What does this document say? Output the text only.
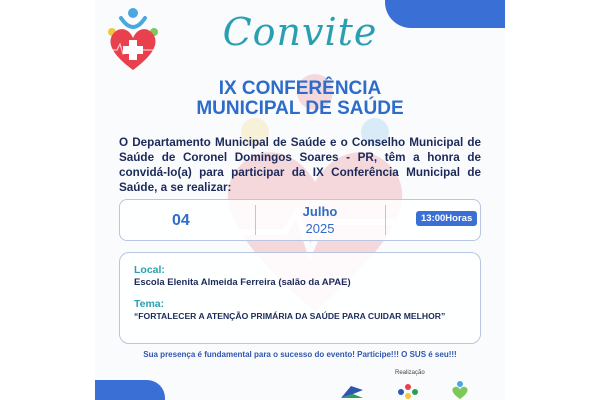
Convite
IX CONFERÊNCIA
MUNICIPAL DE SAÚDE
O Departamento Municipal de Saúde e o Conselho Municipal de Saúde de Coronel Domingos Soares - PR, têm a honra de convidá-lo(a) para participar da IX Conferência Municipal de Saúde, a se realizar:
04
Julho
2025
13:00Horas
Local:
Escola Elenita Almeida Ferreira (salão da APAE)
Tema:
“FORTALECER A ATENÇÃO PRIMÁRIA DA SAÚDE PARA CUIDAR MELHOR”
Sua presença é fundamental para o sucesso do evento! Participe!!! O SUS é seu!!!
Realização
